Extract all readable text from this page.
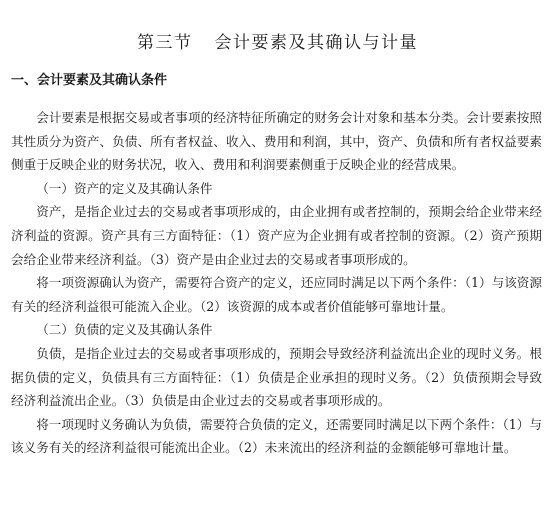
第三节 会计要素及其确认与计量
一、会计要素及其确认条件

会计要素是根据交易或者事项的经济特征所确定的财务会计对象和基本分类。会计要素按照其性质分为资产、负债、所有者权益、收入、费用和利润，其中，资产、负债和所有者权益要素侧重于反映企业的财务状况，收入、费用和利润要素侧重于反映企业的经营成果。

（一）资产的定义及其确认条件

资产，是指企业过去的交易或者事项形成的，由企业拥有或者控制的，预期会给企业带来经济利益的资源。资产具有三方面特征：（1）资产应为企业拥有或者控制的资源。（2）资产预期会给企业带来经济利益。（3）资产是由企业过去的交易或者事项形成的。

将一项资源确认为资产，需要符合资产的定义，还应同时满足以下两个条件：（1）与该资源有关的经济利益很可能流入企业。（2）该资源的成本或者价值能够可靠地计量。

（二）负债的定义及其确认条件

负债，是指企业过去的交易或者事项形成的，预期会导致经济利益流出企业的现时义务。根据负债的定义，负债具有三方面特征：（1）负债是企业承担的现时义务。（2）负债预期会导致经济利益流出企业。（3）负债是由企业过去的交易或者事项形成的。

将一项现时义务确认为负债，需要符合负债的定义，还需要同时满足以下两个条件：（1）与该义务有关的经济利益很可能流出企业。（2）未来流出的经济利益的金额能够可靠地计量。
